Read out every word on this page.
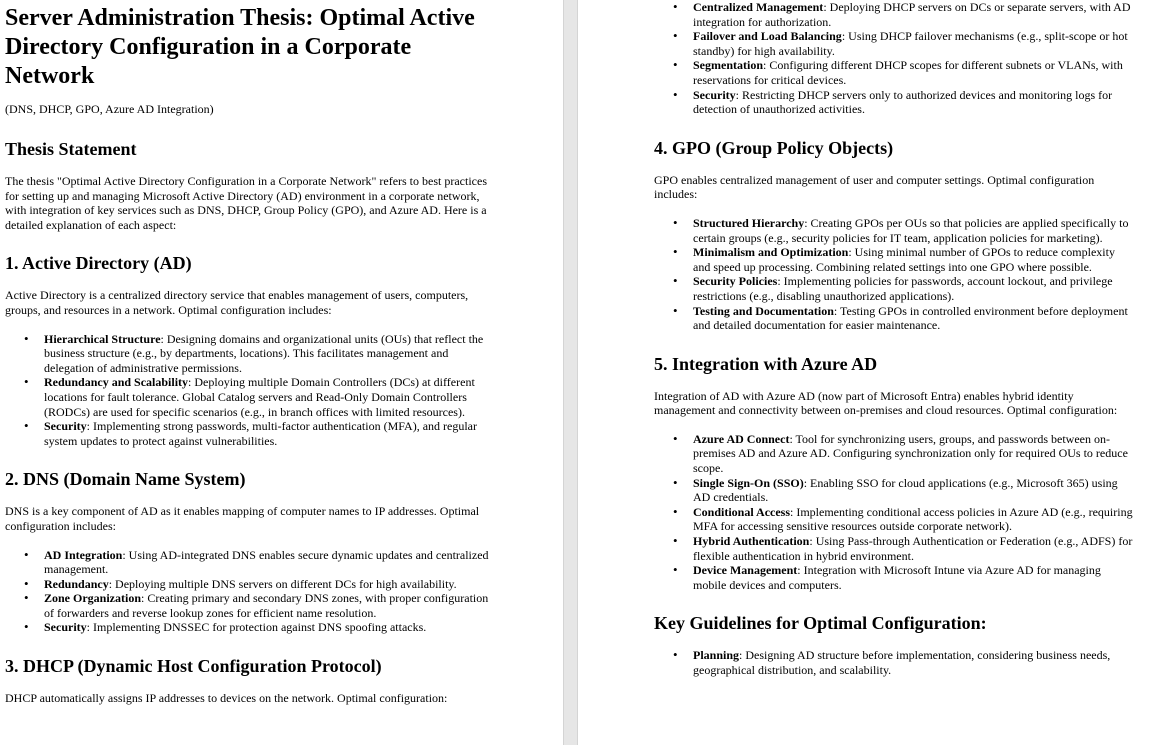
Server Administration Thesis: Optimal Active Directory Configuration in a Corporate Network
(DNS, DHCP, GPO, Azure AD Integration)
Thesis Statement

The thesis "Optimal Active Directory Configuration in a Corporate Network" refers to best practices for setting up and managing Microsoft Active Directory (AD) environment in a corporate network, with integration of key services such as DNS, DHCP, Group Policy (GPO), and Azure AD. Here is a detailed explanation of each aspect:

1. Active Directory (AD)

Active Directory is a centralized directory service that enables management of users, computers, groups, and resources in a network. Optimal configuration includes:

• Hierarchical Structure: Designing domains and organizational units (OUs) that reflect the business structure (e.g., by departments, locations). This facilitates management and delegation of administrative permissions.
• Redundancy and Scalability: Deploying multiple Domain Controllers (DCs) at different locations for fault tolerance. Global Catalog servers and Read-Only Domain Controllers (RODCs) are used for specific scenarios (e.g., in branch offices with limited resources).
• Security: Implementing strong passwords, multi-factor authentication (MFA), and regular system updates to protect against vulnerabilities.
2. DNS (Domain Name System)

DNS is a key component of AD as it enables mapping of computer names to IP addresses. Optimal configuration includes:

• AD Integration: Using AD-integrated DNS enables secure dynamic updates and centralized management.
• Redundancy: Deploying multiple DNS servers on different DCs for high availability.
• Zone Organization: Creating primary and secondary DNS zones, with proper configuration of forwarders and reverse lookup zones for efficient name resolution.
• Security: Implementing DNSSEC for protection against DNS spoofing attacks.
3. DHCP (Dynamic Host Configuration Protocol)

DHCP automatically assigns IP addresses to devices on the network. Optimal configuration:

• Centralized Management: Deploying DHCP servers on DCs or separate servers, with AD integration for authorization.
• Failover and Load Balancing: Using DHCP failover mechanisms (e.g., split-scope or hot standby) for high availability.
• Segmentation: Configuring different DHCP scopes for different subnets or VLANs, with reservations for critical devices.
• Security: Restricting DHCP servers only to authorized devices and monitoring logs for detection of unauthorized activities.
4. GPO (Group Policy Objects)

GPO enables centralized management of user and computer settings. Optimal configuration includes:

• Structured Hierarchy: Creating GPOs per OUs so that policies are applied specifically to certain groups (e.g., security policies for IT team, application policies for marketing).
• Minimalism and Optimization: Using minimal number of GPOs to reduce complexity and speed up processing. Combining related settings into one GPO where possible.
• Security Policies: Implementing policies for passwords, account lockout, and privilege restrictions (e.g., disabling unauthorized applications).
• Testing and Documentation: Testing GPOs in controlled environment before deployment and detailed documentation for easier maintenance.
5. Integration with Azure AD

Integration of AD with Azure AD (now part of Microsoft Entra) enables hybrid identity management and connectivity between on-premises and cloud resources. Optimal configuration:

• Azure AD Connect: Tool for synchronizing users, groups, and passwords between on-premises AD and Azure AD. Configuring synchronization only for required OUs to reduce scope.
• Single Sign-On (SSO): Enabling SSO for cloud applications (e.g., Microsoft 365) using AD credentials.
• Conditional Access: Implementing conditional access policies in Azure AD (e.g., requiring MFA for accessing sensitive resources outside corporate network).
• Hybrid Authentication: Using Pass-through Authentication or Federation (e.g., ADFS) for flexible authentication in hybrid environment.
• Device Management: Integration with Microsoft Intune via Azure AD for managing mobile devices and computers.
Key Guidelines for Optimal Configuration:
• Planning: Designing AD structure before implementation, considering business needs, geographical distribution, and scalability.
